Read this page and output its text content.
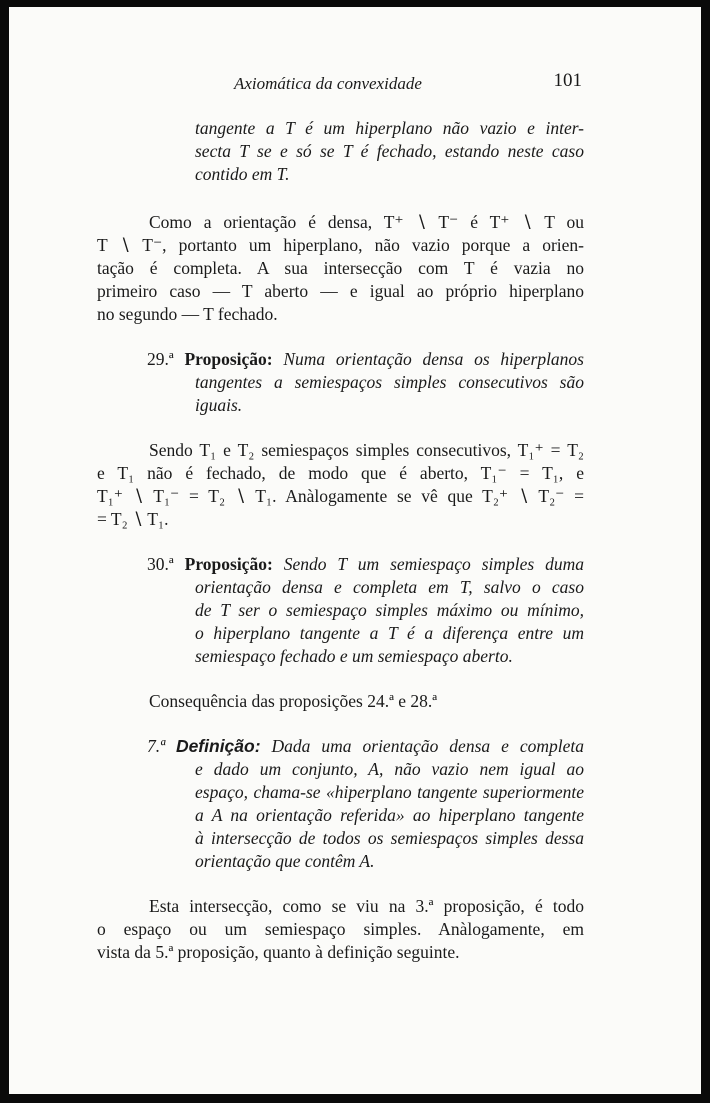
Axiomática da convexidade	101
tangente a T é um hiperplano não vazio e inter-
secta T se e só se T é fechado, estando neste caso
contido em T.
Como a orientação é densa, T⁺ ∖ T⁻ é T⁺ ∖ T ou
T ∖ T⁻, portanto um hiperplano, não vazio porque a orien-
tação é completa. A sua intersecção com T é vazia no
primeiro caso — T aberto — e igual ao próprio hiperplano
no segundo — T fechado.
29.ª Proposição: Numa orientação densa os hiperplanos
tangentes a semiespaços simples consecutivos são
iguais.
Sendo T₁ e T₂ semiespaços simples consecutivos, T₁⁺ = T₂
e T₁ não é fechado, de modo que é aberto, T₁⁻ = T₁, e
T₁⁺ ∖ T₁⁻ = T₂ ∖ T₁. Anàlogamente se vê que T₂⁺ ∖ T₂⁻ =
= T₂ ∖ T₁.
30.ª Proposição: Sendo T um semiespaço simples duma
orientação densa e completa em T, salvo o caso
de T ser o semiespaço simples máximo ou mínimo,
o hiperplano tangente a T é a diferença entre um
semiespaço fechado e um semiespaço aberto.
Consequência das proposições 24.ª e 28.ª
7.ª Definição: Dada uma orientação densa e completa
e dado um conjunto, A, não vazio nem igual ao
espaço, chama-se «hiperplano tangente superiormente
a A na orientação referida» ao hiperplano tangente
à intersecção de todos os semiespaços simples dessa
orientação que contêm A.
Esta intersecção, como se viu na 3.ª proposição, é todo
o espaço ou um semiespaço simples. Anàlogamente, em
vista da 5.ª proposição, quanto à definição seguinte.
